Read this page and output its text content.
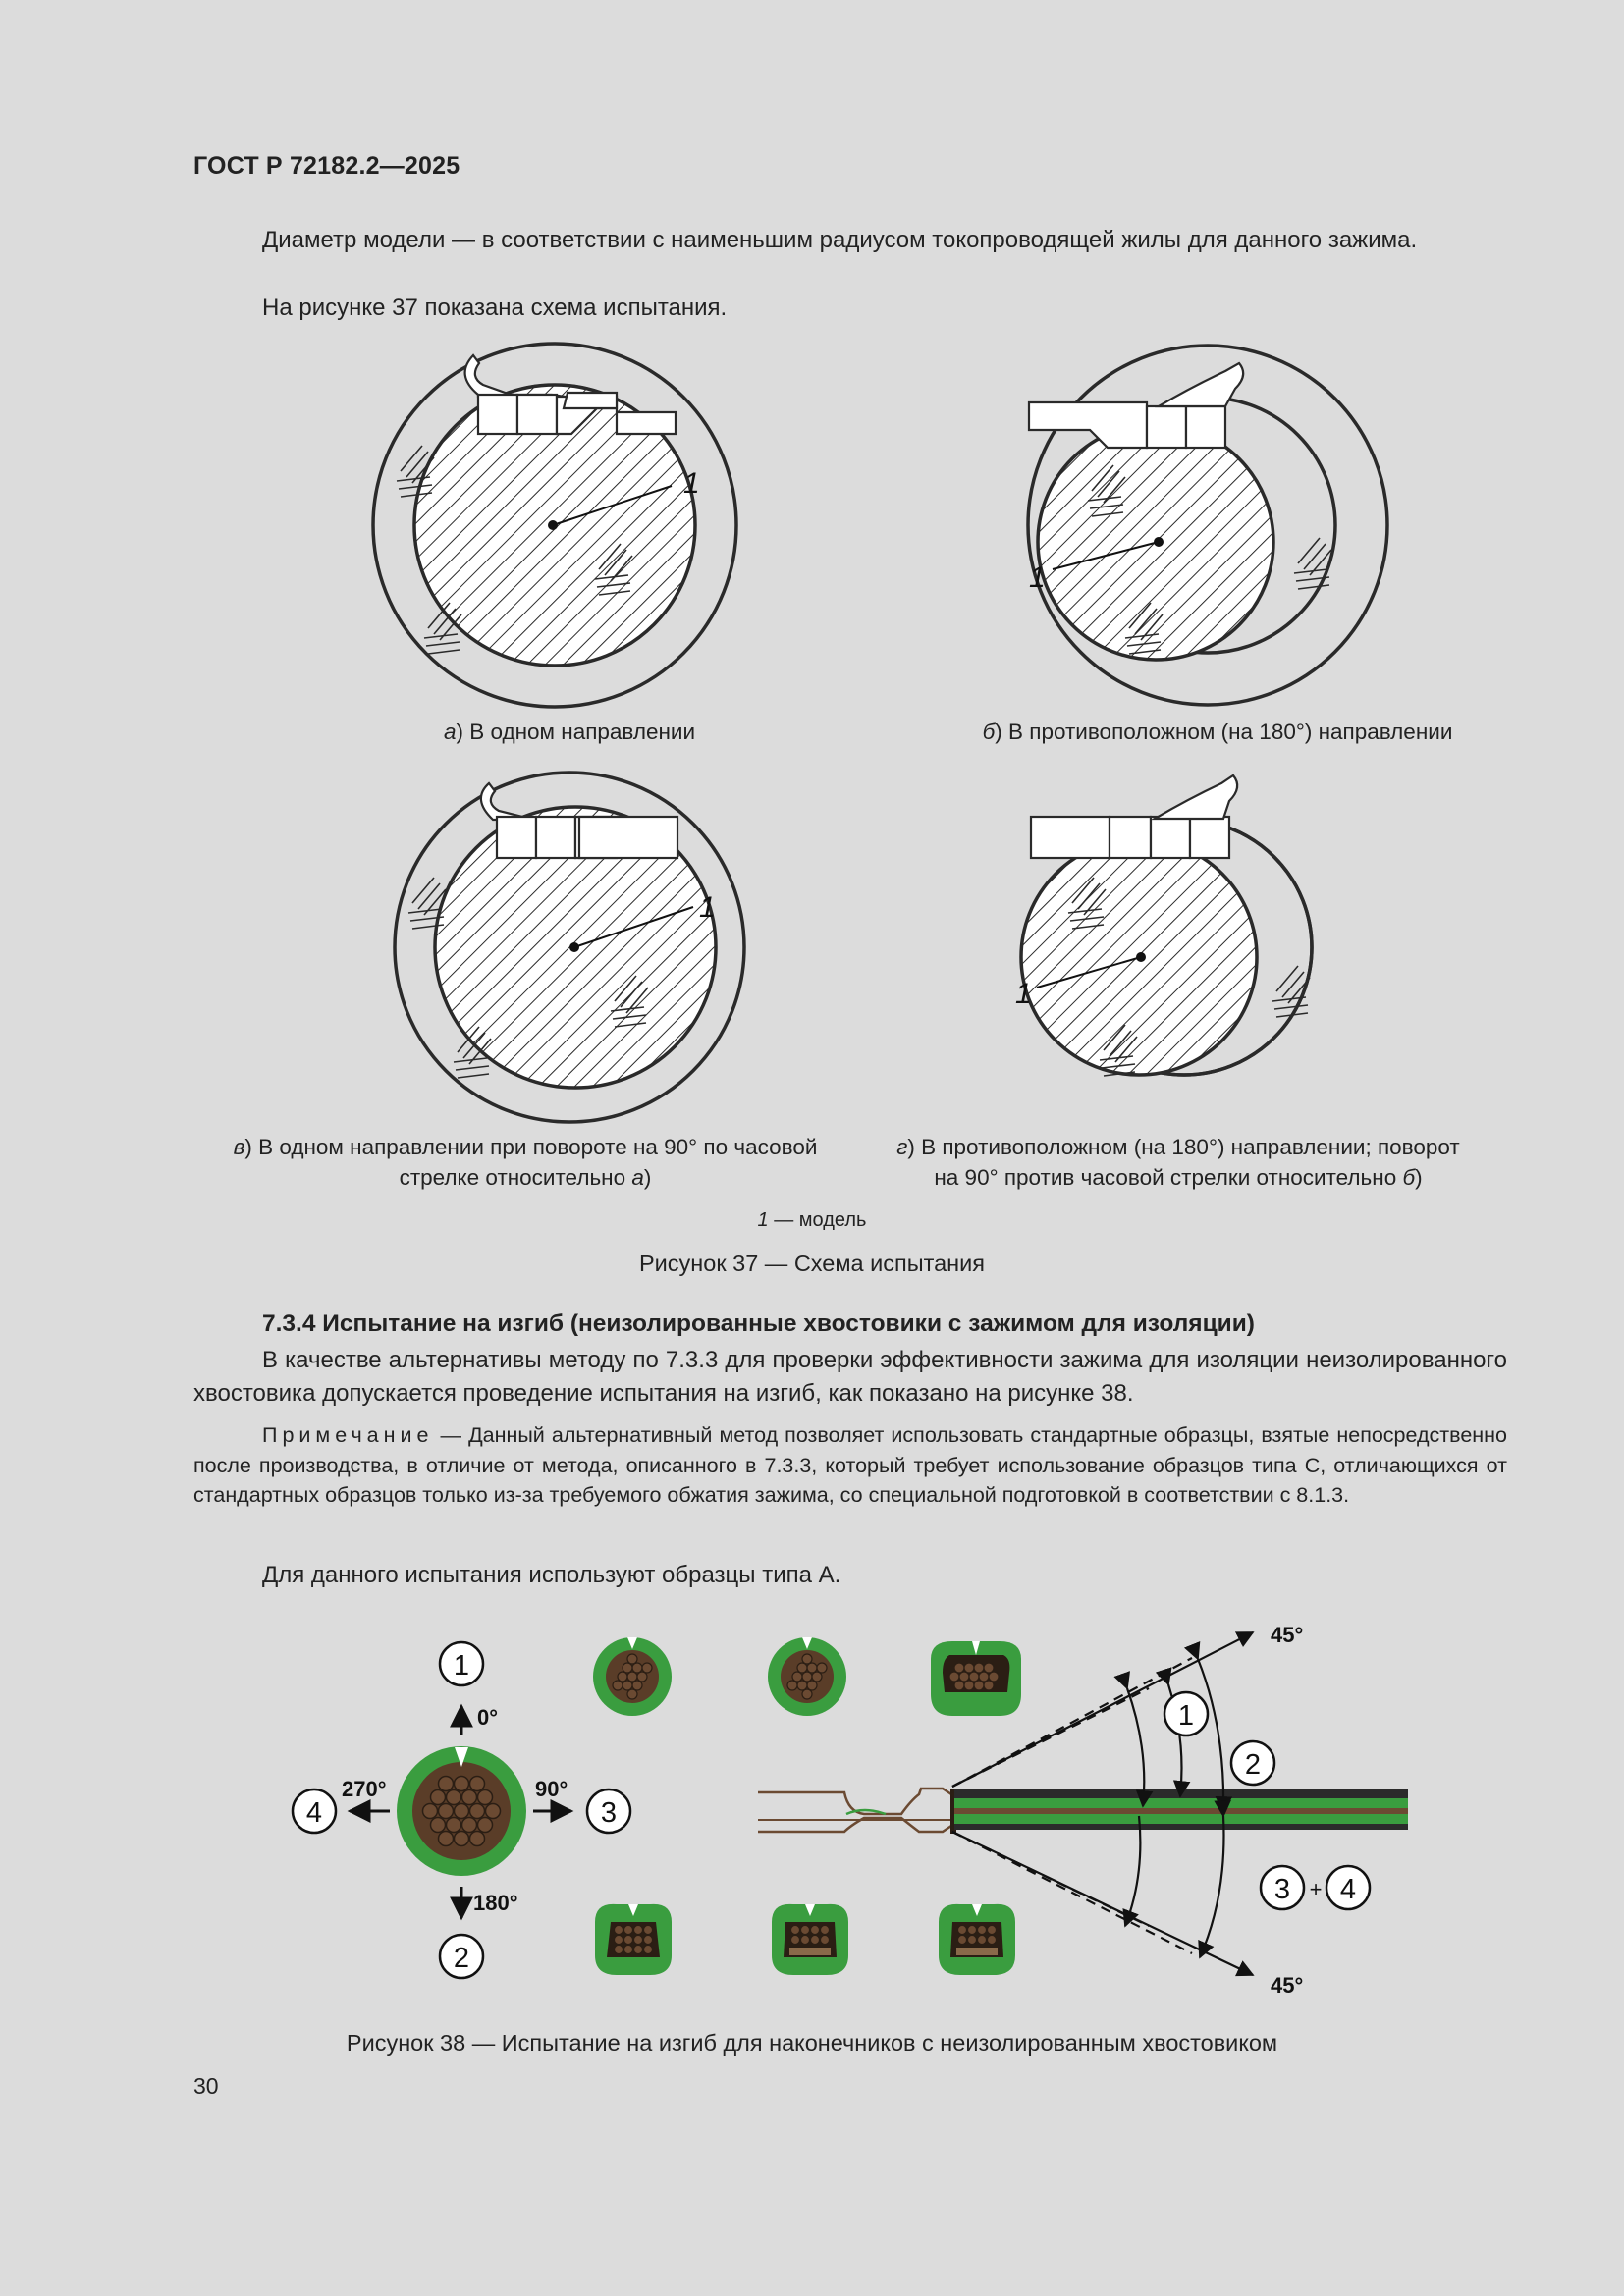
ГОСТ Р 72182.2—2025
Диаметр модели — в соответствии с наименьшим радиусом токопроводящей жилы для данного зажима.
На рисунке 37 показана схема испытания.
1
1
1
1
а) В одном направлении	б) В противоположном (на 180°) направлении
в) В одном направлении при повороте на 90° по часовой
стрелке относительно а)
г) В противоположном (на 180°) направлении; поворот
на 90° против часовой стрелки относительно б)
1 — модель
Рисунок 37 — Схема испытания
7.3.4 Испытание на изгиб (неизолированные хвостовики с зажимом для изоляции)
В качестве альтернативы методу по 7.3.3 для проверки эффективности зажима для изоляции неизолированного хвостовика допускается проведение испытания на изгиб, как показано на рисунке 38.
Примечание — Данный альтернативный метод позволяет использовать стандартные образцы, взятые непосредственно после производства, в отличие от метода, описанного в 7.3.3, который требует использование образцов типа С, отличающихся от стандартных образцов только из-за требуемого обжатия зажима, со специальной подготовкой в соответствии с 8.1.3.
Для данного испытания используют образцы типа А.
1
2
3
4
0°
180°
90°
270°
1
2
3 + 4
45°
45°
Рисунок 38 — Испытание на изгиб для наконечников с неизолированным хвостовиком
30
